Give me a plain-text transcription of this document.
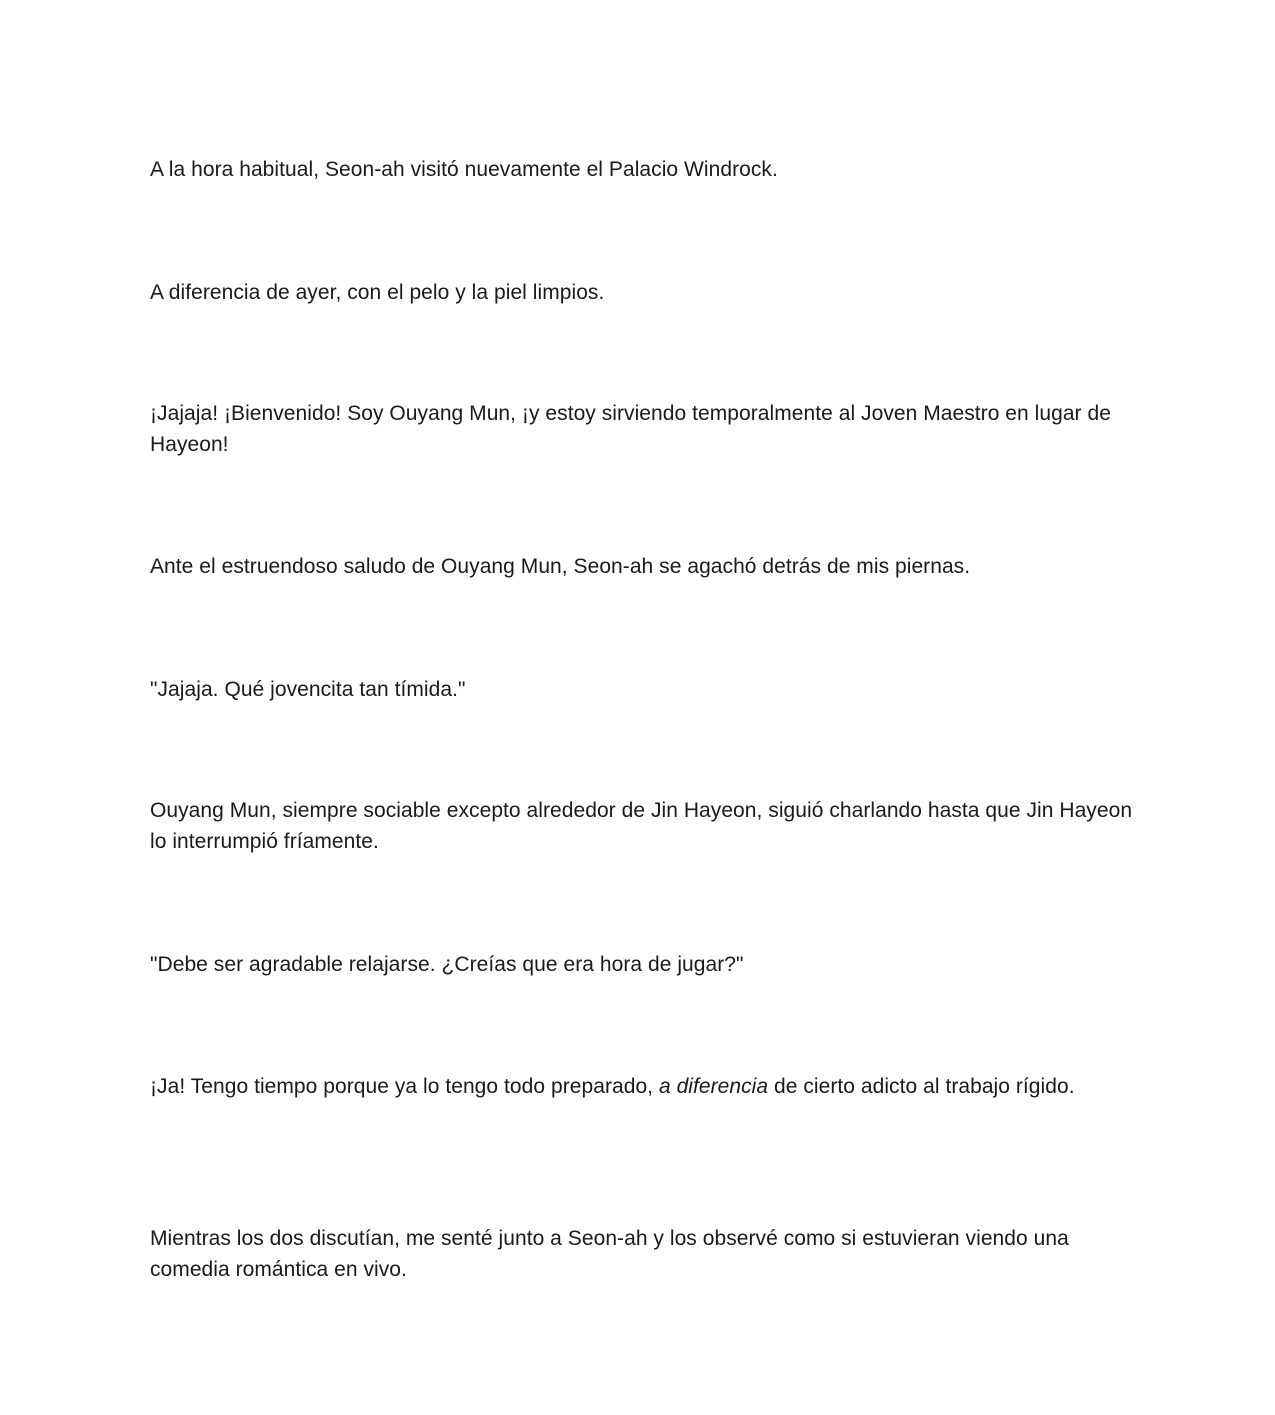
A la hora habitual, Seon-ah visitó nuevamente el Palacio Windrock.

A diferencia de ayer, con el pelo y la piel limpios.

¡Jajaja! ¡Bienvenido! Soy Ouyang Mun, ¡y estoy sirviendo temporalmente al Joven Maestro en lugar de Hayeon!

Ante el estruendoso saludo de Ouyang Mun, Seon-ah se agachó detrás de mis piernas.

"Jajaja. Qué jovencita tan tímida."

Ouyang Mun, siempre sociable excepto alrededor de Jin Hayeon, siguió charlando hasta que Jin Hayeon lo interrumpió fríamente.

"Debe ser agradable relajarse. ¿Creías que era hora de jugar?"

¡Ja! Tengo tiempo porque ya lo tengo todo preparado, a diferencia de cierto adicto al trabajo rígido.

Mientras los dos discutían, me senté junto a Seon-ah y los observé como si estuvieran viendo una comedia romántica en vivo.
